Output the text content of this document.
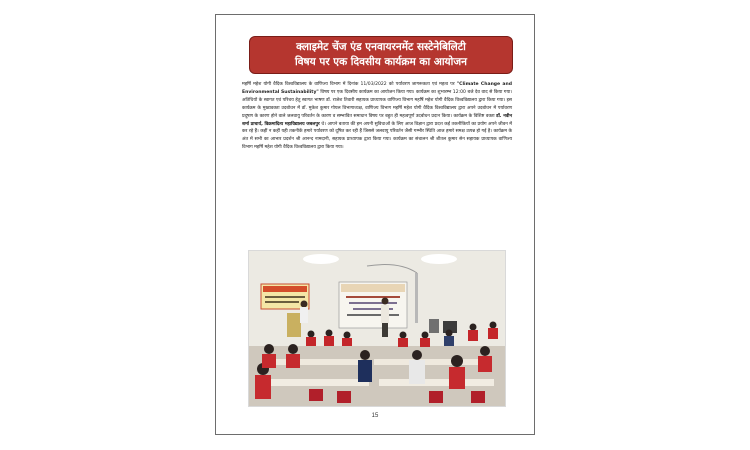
क्लाइमेट चेंज एंड एनवायरनमेंट सस्टेनेबिलिटी
विषय पर एक दिवसीय कार्यक्रम का आयोजन
महर्षि महेश योगी वैदिक विश्वविद्यालय के वाणिज्य विभाग में दिनांक 11/03/2022 को पर्यावरण जागरूकता एवं महत्व पर "Climate Change and Environmental Sustainability" विषय पर एक दिवसीय कार्यक्रम का आयोजन किया गया। कार्यक्रम का शुभारम्भ 12:00 बजे देव वाद से किया गया। अतिथियों के स्वागत एवं परिचय हेतु स्वागत भाषण डॉ. राजेश तिवारी सहायक प्राध्यापक वाणिज्य विभाग महर्षि महेश योगी वैदिक विश्वविद्यालय द्वारा किया गया। इस कार्यक्रम के मुख्यवक्ता उदबोधन में डॉ. मुकेश कुमार गोयल विभागाध्यक्ष, वाणिज्य विभाग महर्षि महेश योगी वैदिक विश्वविद्यालय द्वारा अपने उदबोधन में पर्यावरण प्रदूषण के कारण होने वाले जलवायु परिवर्तन के कारण व सम्भावित समाधान विषय पर बहुत ही महत्वपूर्ण उदबोधन प्रदान किया। कार्यक्रम के विशिष्ट वक्ता डॉ. नवीन शर्मा प्राचार्य, विक्रमादित्य महाविद्यालय जबलपुर थे। आपने बताया की हम अपनी सुविधाओं के लिए आज विज्ञान द्वारा प्रदत्त कई तकनीकियों का प्रयोग अपने जीवन में कर रहे हैं। कहीं न कहीं यही तकनीकें हमारे पर्यावरण को दूषित कर रही हैं जिससे जलवायु परिवर्तन जैसी गम्भीर स्थिति आज हमारे समक्ष उत्पन्न हो गई है। कार्यक्रम के अंत में सभी का आभार प्रदर्शन श्री आनन्द नामदानी, सहायक प्राध्यापक द्वारा किया गया। कार्यक्रम का संचालन श्री शीतल कुमार सेन सहायक प्राध्यापक वाणिज्य विभाग महर्षि महेश योगी वैदिक विश्वविद्यालय द्वारा किया गया।
15
